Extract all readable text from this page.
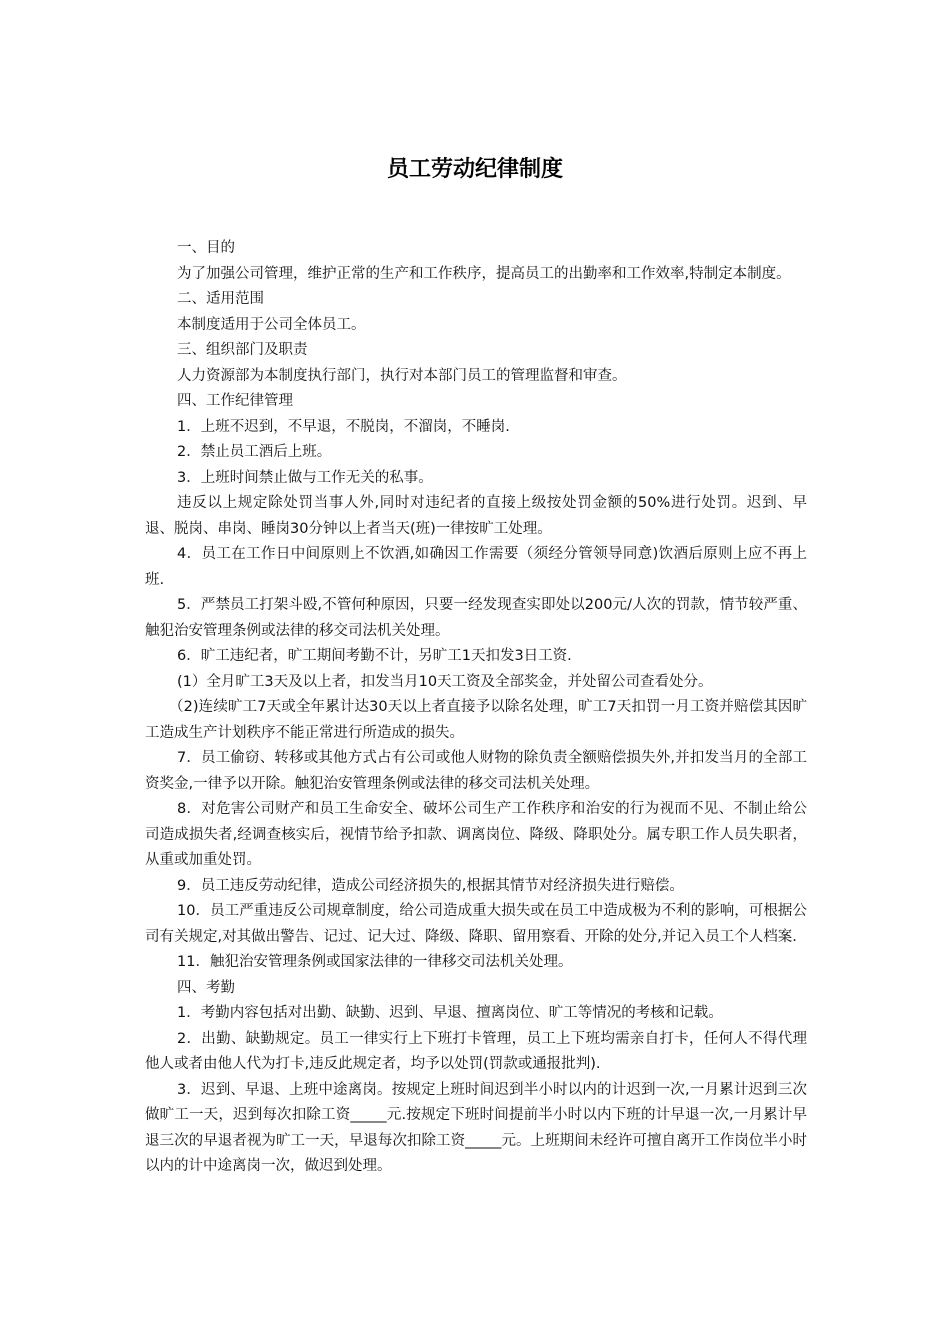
员工劳动纪律制度

一、目的

为了加强公司管理，维护正常的生产和工作秩序，提高员工的出勤率和工作效率,特制定本制度。

二、适用范围

本制度适用于公司全体员工。

三、组织部门及职责

人力资源部为本制度执行部门，执行对本部门员工的管理监督和审查。

四、工作纪律管理

1．上班不迟到，不早退，不脱岗，不溜岗，不睡岗.

2．禁止员工酒后上班。

3．上班时间禁止做与工作无关的私事。

违反以上规定除处罚当事人外,同时对违纪者的直接上级按处罚金额的50%进行处罚。迟到、早退、脱岗、串岗、睡岗30分钟以上者当天(班)一律按旷工处理。

4．员工在工作日中间原则上不饮酒,如确因工作需要（须经分管领导同意)饮酒后原则上应不再上班.

5．严禁员工打架斗殴,不管何种原因，只要一经发现查实即处以200元/人次的罚款，情节较严重、触犯治安管理条例或法律的移交司法机关处理。

6．旷工违纪者，旷工期间考勤不计，另旷工1天扣发3日工资.

(1）全月旷工3天及以上者，扣发当月10天工资及全部奖金，并处留公司查看处分。

（2)连续旷工7天或全年累计达30天以上者直接予以除名处理，旷工7天扣罚一月工资并赔偿其因旷工造成生产计划秩序不能正常进行所造成的损失。

7．员工偷窃、转移或其他方式占有公司或他人财物的除负责全额赔偿损失外,并扣发当月的全部工资奖金,一律予以开除。触犯治安管理条例或法律的移交司法机关处理。

8．对危害公司财产和员工生命安全、破坏公司生产工作秩序和治安的行为视而不见、不制止给公司造成损失者,经调查核实后，视情节给予扣款、调离岗位、降级、降职处分。属专职工作人员失职者，从重或加重处罚。

9．员工违反劳动纪律，造成公司经济损失的,根据其情节对经济损失进行赔偿。

10．员工严重违反公司规章制度，给公司造成重大损失或在员工中造成极为不利的影响，可根据公司有关规定,对其做出警告、记过、记大过、降级、降职、留用察看、开除的处分,并记入员工个人档案.

11．触犯治安管理条例或国家法律的一律移交司法机关处理。

四、考勤

1．考勤内容包括对出勤、缺勤、迟到、早退、擅离岗位、旷工等情况的考核和记载。

2．出勤、缺勤规定。员工一律实行上下班打卡管理，员工上下班均需亲自打卡，任何人不得代理他人或者由他人代为打卡,违反此规定者，均予以处罚(罚款或通报批判).

3．迟到、早退、上班中途离岗。按规定上班时间迟到半小时以内的计迟到一次,一月累计迟到三次做旷工一天，迟到每次扣除工资_____元.按规定下班时间提前半小时以内下班的计早退一次,一月累计早退三次的早退者视为旷工一天，早退每次扣除工资_____元。上班期间未经许可擅自离开工作岗位半小时以内的计中途离岗一次，做迟到处理。
